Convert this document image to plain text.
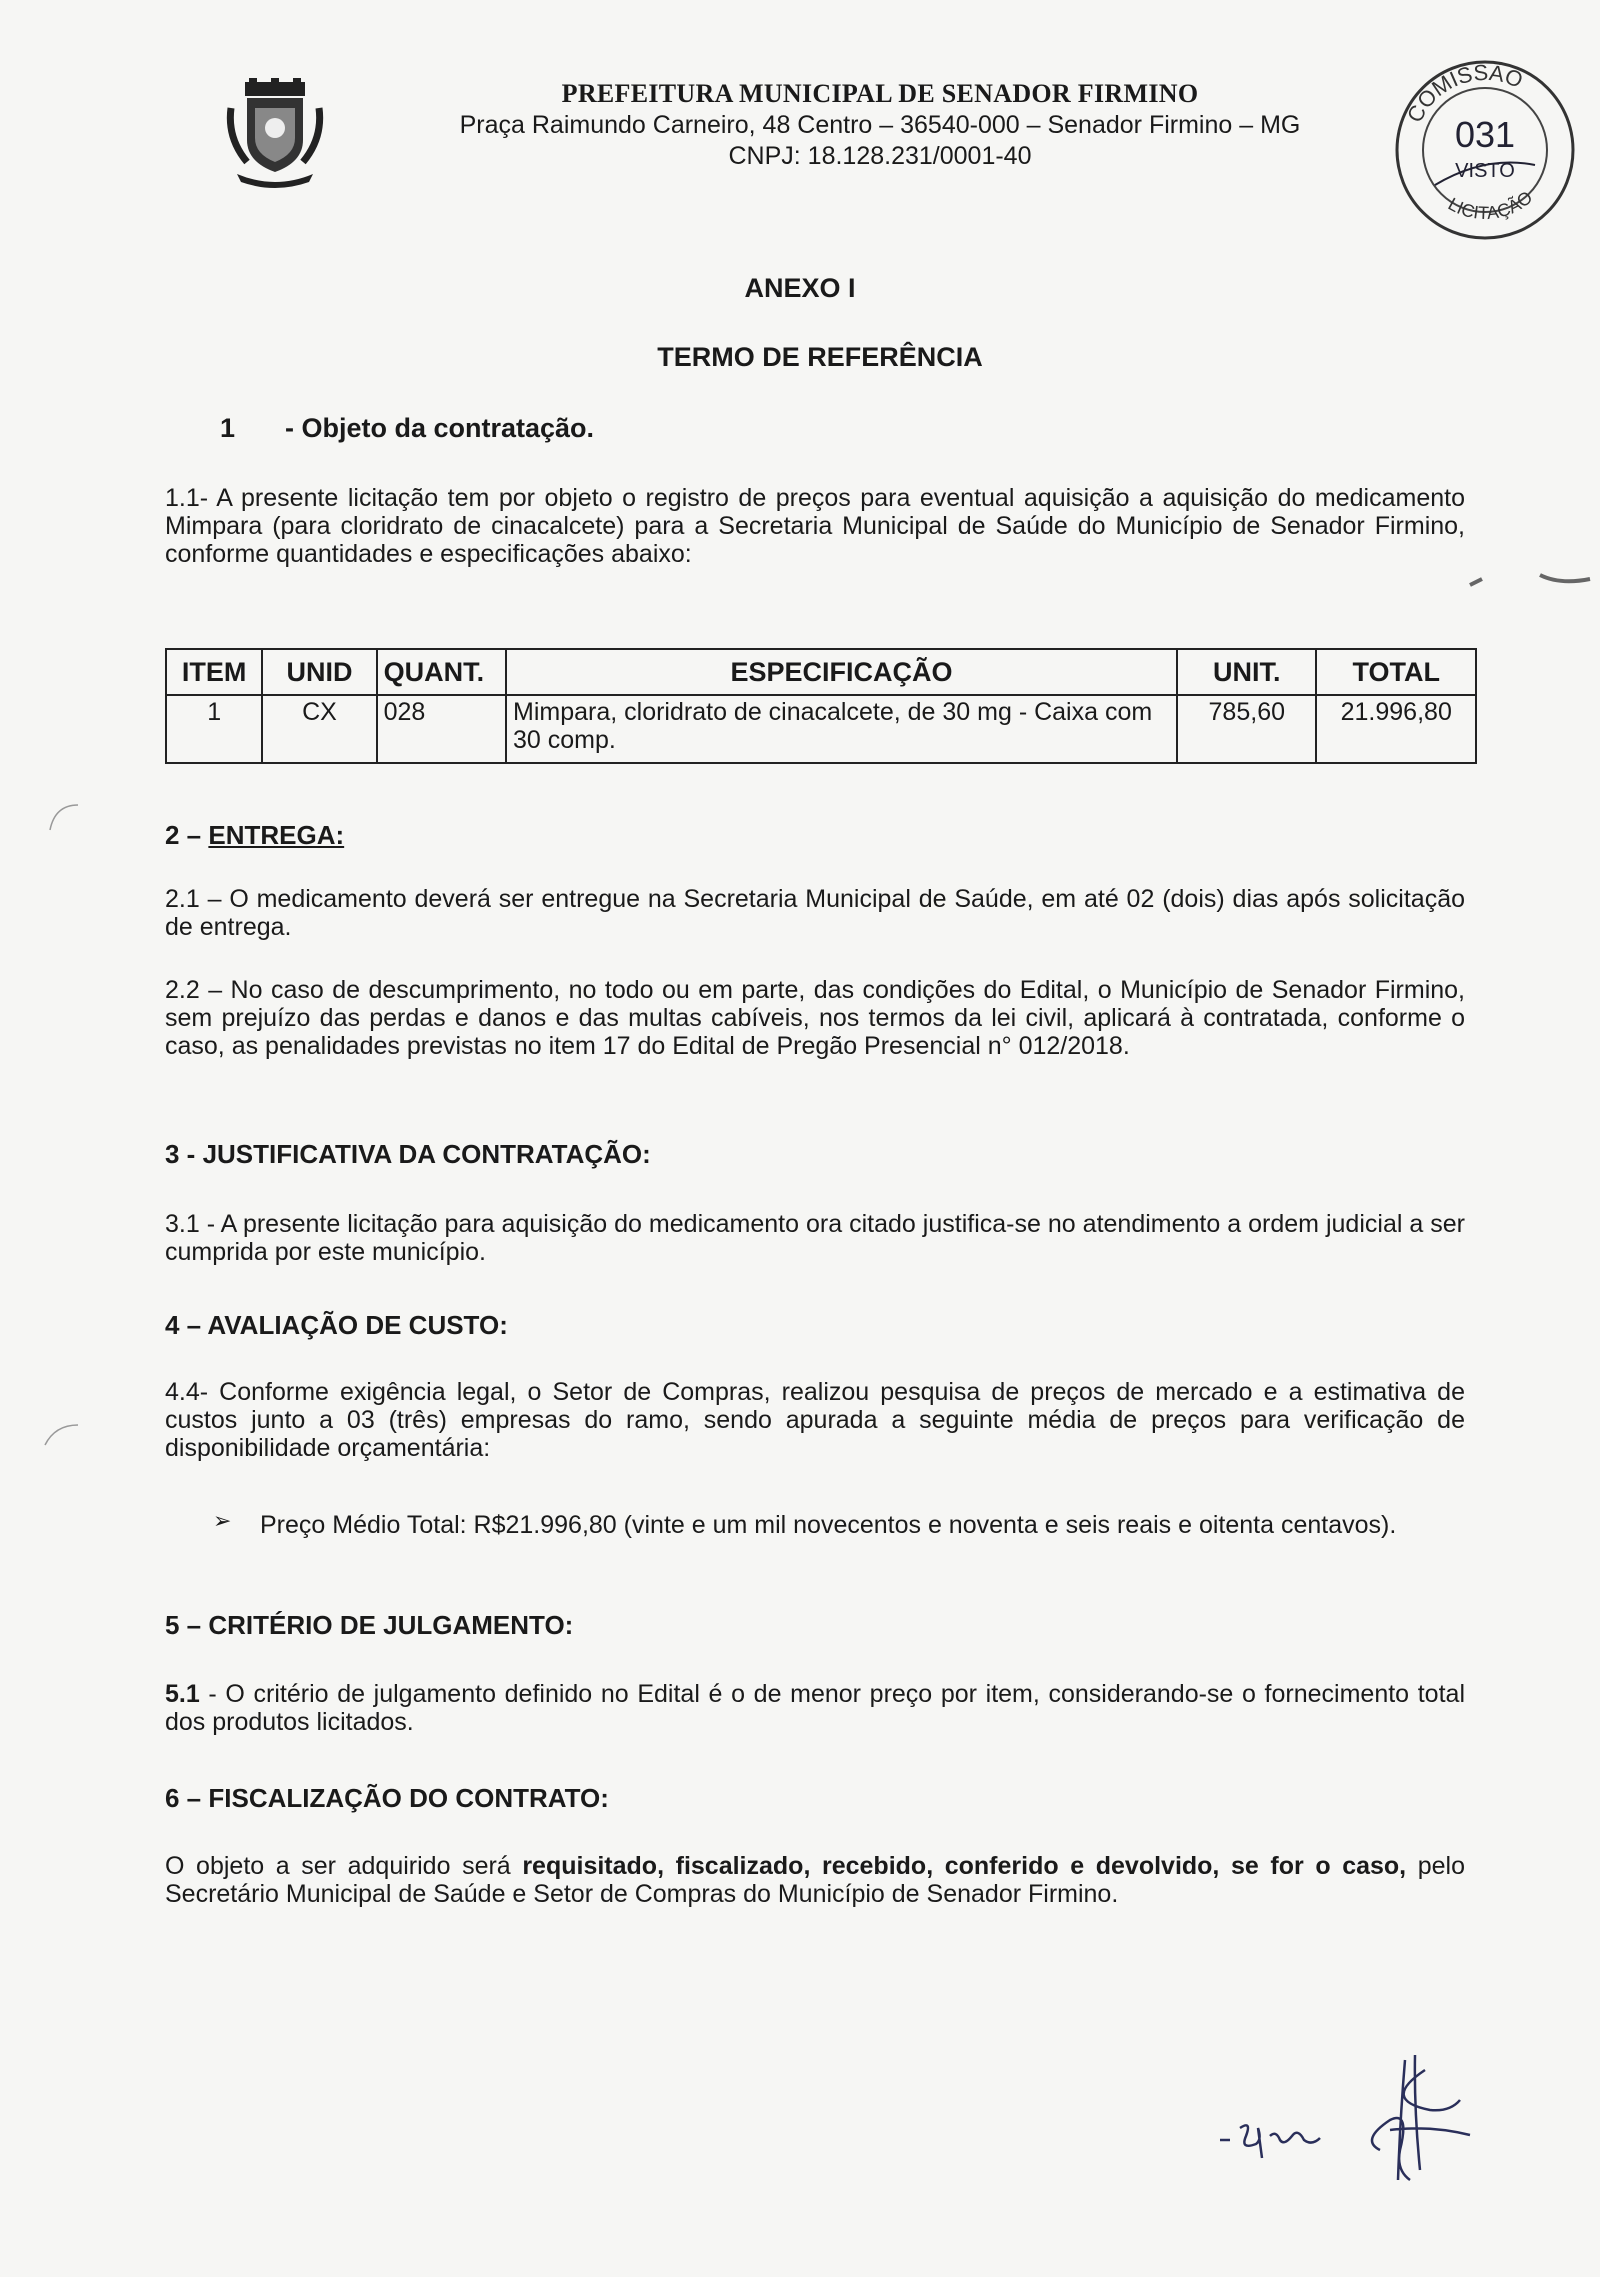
PREFEITURA MUNICIPAL DE SENADOR FIRMINO
Praça Raimundo Carneiro, 48 Centro – 36540-000 – Senador Firmino – MG
CNPJ: 18.128.231/0001-40
COMISSÃO
031
VISTO
LICITAÇÃO
ANEXO I
TERMO DE REFERÊNCIA
1 - Objeto da contratação.
1.1- A presente licitação tem por objeto o registro de preços para eventual aquisição a aquisição do medicamento Mimpara (para cloridrato de cinacalcete) para a Secretaria Municipal de Saúde do Município de Senador Firmino, conforme quantidades e especificações abaixo:
ITEM	UNID	QUANT.	ESPECIFICAÇÃO	UNIT.	TOTAL
1	CX	028	Mimpara, cloridrato de cinacalcete, de 30 mg - Caixa com 30 comp.	785,60	21.996,80
2 – ENTREGA:
2.1 – O medicamento deverá ser entregue na Secretaria Municipal de Saúde, em até 02 (dois) dias após solicitação de entrega.
2.2 – No caso de descumprimento, no todo ou em parte, das condições do Edital, o Município de Senador Firmino, sem prejuízo das perdas e danos e das multas cabíveis, nos termos da lei civil, aplicará à contratada, conforme o caso, as penalidades previstas no item 17 do Edital de Pregão Presencial n° 012/2018.
3 - JUSTIFICATIVA DA CONTRATAÇÃO:
3.1 - A presente licitação para aquisição do medicamento ora citado justifica-se no atendimento a ordem judicial a ser cumprida por este município.
4 – AVALIAÇÃO DE CUSTO:
4.4- Conforme exigência legal, o Setor de Compras, realizou pesquisa de preços de mercado e a estimativa de custos junto a 03 (três) empresas do ramo, sendo apurada a seguinte média de preços para verificação de disponibilidade orçamentária:
➢ Preço Médio Total: R$21.996,80 (vinte e um mil novecentos e noventa e seis reais e oitenta centavos).
5 – CRITÉRIO DE JULGAMENTO:
5.1 - O critério de julgamento definido no Edital é o de menor preço por item, considerando-se o fornecimento total dos produtos licitados.
6 – FISCALIZAÇÃO DO CONTRATO:
O objeto a ser adquirido será requisitado, fiscalizado, recebido, conferido e devolvido, se for o caso, pelo Secretário Municipal de Saúde e Setor de Compras do Município de Senador Firmino.
